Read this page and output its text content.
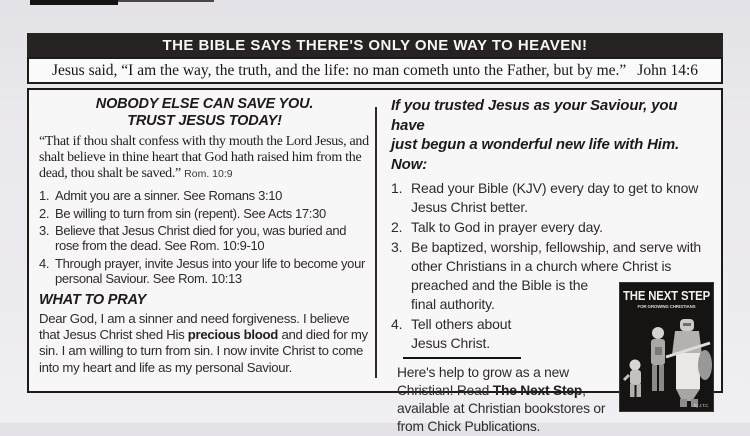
THE BIBLE SAYS THERE'S ONLY ONE WAY TO HEAVEN!
Jesus said, “I am the way, the truth, and the life: no man cometh unto the Father, but by me.” John 14:6
NOBODY ELSE CAN SAVE YOU.
TRUST JESUS TODAY!
“That if thou shalt confess with thy mouth the Lord Jesus, and shalt believe in thine heart that God hath raised him from the dead, thou shalt be saved.” Rom. 10:9
1. Admit you are a sinner. See Romans 3:10
2. Be willing to turn from sin (repent). See Acts 17:30
3. Believe that Jesus Christ died for you, was buried and rose from the dead. See Rom. 10:9-10
4. Through prayer, invite Jesus into your life to become your personal Saviour. See Rom. 10:13
WHAT TO PRAY
Dear God, I am a sinner and need forgiveness. I believe that Jesus Christ shed His precious blood and died for my sin. I am willing to turn from sin. I now invite Christ to come into my heart and life as my personal Saviour.
If you trusted Jesus as your Saviour, you have
just begun a wonderful new life with Him. Now:
THE NEXT STEP
FOR GROWING CHRISTIANS
By J.T.C.
1. Read your Bible (KJV) every day to get to know Jesus Christ better.
2. Talk to God in prayer every day.
3. Be baptized, worship, fellowship, and serve with other Christians in a church where Christ is preached and the Bible is the final authority.
4. Tell others about Jesus Christ.
Here's help to grow as a new Christian! Read The Next Step, available at Christian bookstores or from Chick Publications.
